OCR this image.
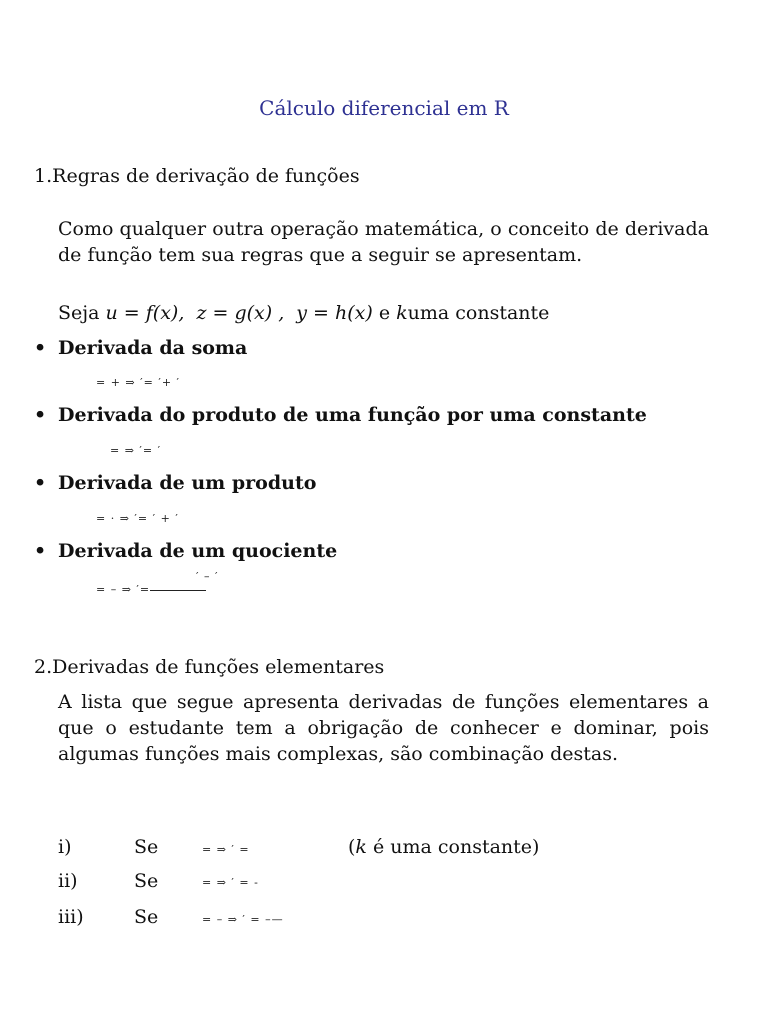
Cálculo diferencial em R
1.Regras de derivação de funções

Como qualquer outra operação matemática, o conceito de derivada de função tem sua regras que a seguir se apresentam.

Seja u = f(x), z = g(x) , y = h(x) e kuma constante
• Derivada da soma
= + ⇒ ′= ′+ ′
• Derivada do produto de uma função por uma constante
= ⇒ ′= ′
• Derivada de um produto
= · ⇒ ′= ′ + ′
• Derivada de um quociente
= – ⇒ ′=
′ – ′
2.Derivadas de funções elementares

A lista que segue apresenta derivadas de funções elementares a que o estudante tem a obrigação de conhecer e dominar, pois algumas funções mais complexas, são combinação destas.

i)	Se	= ⇒ ′ =	(k é uma constante)
ii)	Se	= ⇒ ′ = -
iii)	Se	= – ⇒ ′ = –—
